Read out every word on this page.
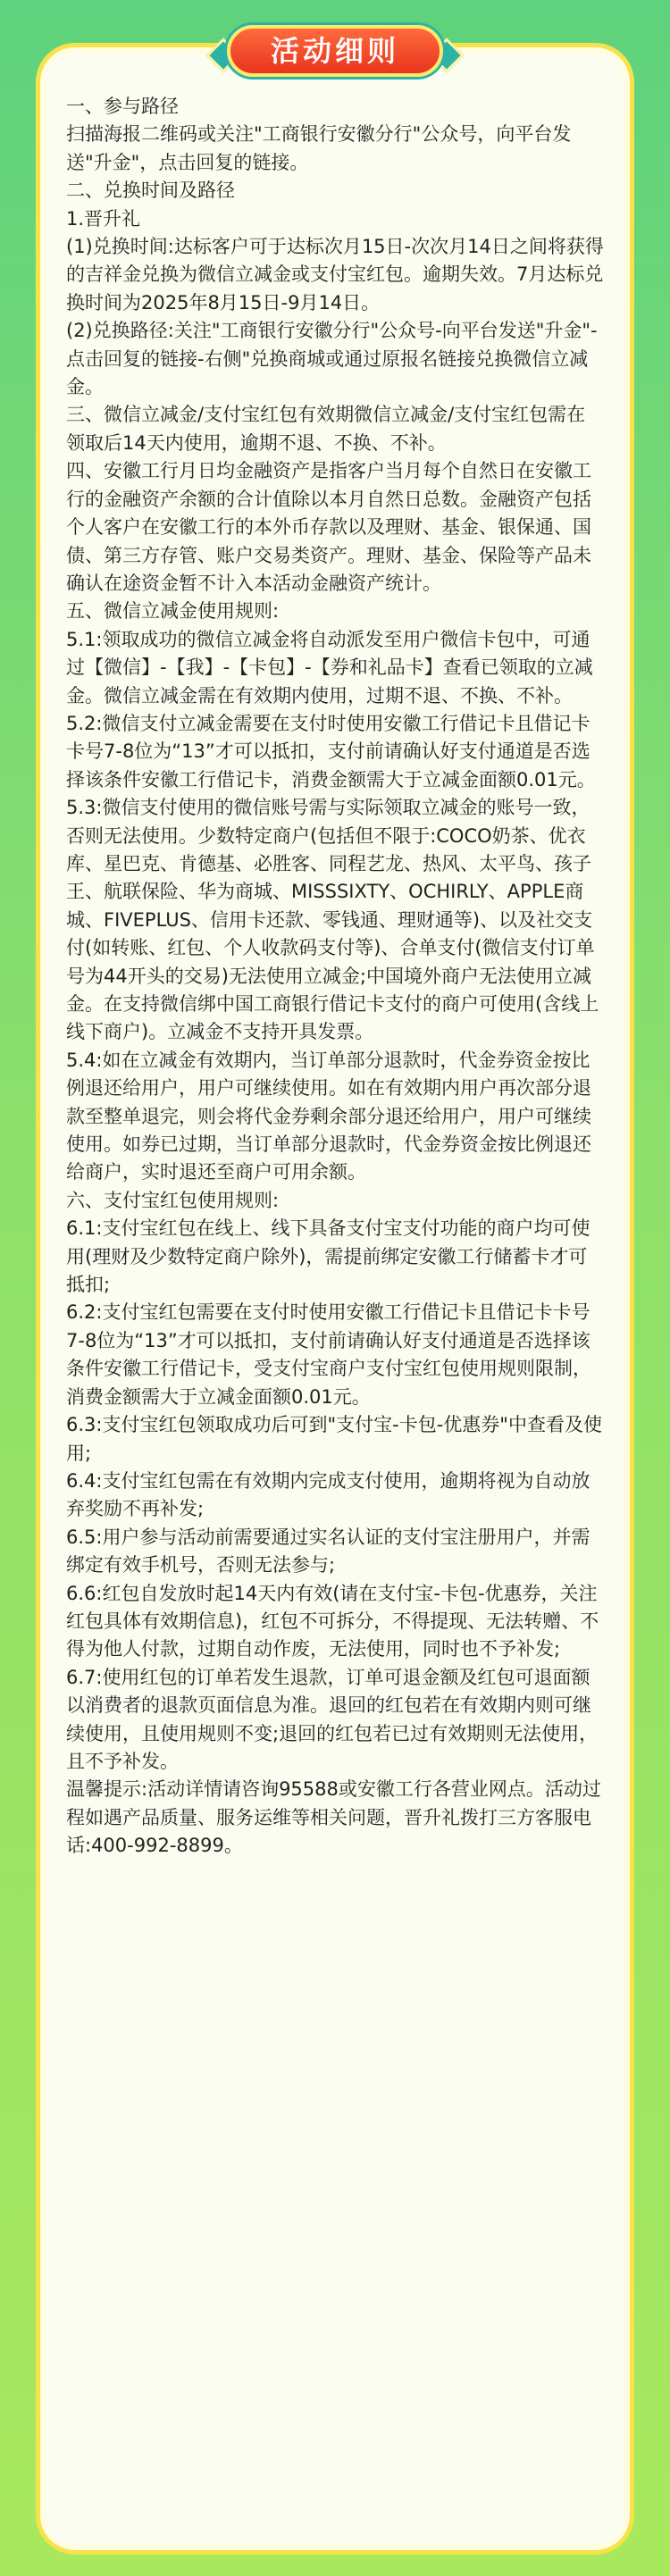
活动细则

一、参与路径

扫描海报二维码或关注"工商银行安徽分行"公众号，向平台发送"升金"，点击回复的链接。

二、兑换时间及路径

1.晋升礼

(1)兑换时间:达标客户可于达标次月15日-次次月14日之间将获得的吉祥金兑换为微信立减金或支付宝红包。逾期失效。7月达标兑换时间为2025年8月15日-9月14日。

(2)兑换路径:关注"工商银行安徽分行"公众号-向平台发送"升金"- 点击回复的链接-右侧"兑换商城或通过原报名链接兑换微信立减金。

三、微信立减金/支付宝红包有效期微信立减金/支付宝红包需在领取后14天内使用，逾期不退、不换、不补。

四、安徽工行月日均金融资产是指客户当月每个自然日在安徽工行的金融资产余额的合计值除以本月自然日总数。金融资产包括个人客户在安徽工行的本外币存款以及理财、基金、银保通、国债、第三方存管、账户交易类资产。理财、基金、保险等产品未确认在途资金暂不计入本活动金融资产统计。

五、微信立减金使用规则:

5.1:领取成功的微信立减金将自动派发至用户微信卡包中，可通过【微信】-【我】-【卡包】-【券和礼品卡】查看已领取的立减金。微信立减金需在有效期内使用，过期不退、不换、不补。

5.2:微信支付立减金需要在支付时使用安徽工行借记卡且借记卡卡号7-8位为“13”才可以抵扣，支付前请确认好支付通道是否选择该条件安徽工行借记卡，消费金额需大于立减金面额0.01元。

5.3:微信支付使用的微信账号需与实际领取立减金的账号一致，否则无法使用。少数特定商户(包括但不限于:COCO奶茶、优衣库、星巴克、肯德基、必胜客、同程艺龙、热风、太平鸟、孩子王、航联保险、华为商城、MISSSIXTY、OCHIRLY、APPLE商城、FIVEPLUS、信用卡还款、零钱通、理财通等)、以及社交支付(如转账、红包、个人收款码支付等)、合单支付(微信支付订单号为44开头的交易)无法使用立减金;中国境外商户无法使用立减金。在支持微信绑中国工商银行借记卡支付的商户可使用(含线上线下商户)。立减金不支持开具发票。

5.4:如在立减金有效期内，当订单部分退款时，代金券资金按比例退还给用户，用户可继续使用。如在有效期内用户再次部分退款至整单退完，则会将代金券剩余部分退还给用户，用户可继续使用。如券已过期，当订单部分退款时，代金券资金按比例退还给商户，实时退还至商户可用余额。

六、支付宝红包使用规则:

6.1:支付宝红包在线上、线下具备支付宝支付功能的商户均可使用(理财及少数特定商户除外)，需提前绑定安徽工行储蓄卡才可抵扣;

6.2:支付宝红包需要在支付时使用安徽工行借记卡且借记卡卡号7-8位为“13”才可以抵扣，支付前请确认好支付通道是否选择该条件安徽工行借记卡，受支付宝商户支付宝红包使用规则限制，消费金额需大于立减金面额0.01元。

6.3:支付宝红包领取成功后可到"支付宝-卡包-优惠券"中查看及使用;

6.4:支付宝红包需在有效期内完成支付使用，逾期将视为自动放弃奖励不再补发;

6.5:用户参与活动前需要通过实名认证的支付宝注册用户，并需绑定有效手机号，否则无法参与;

6.6:红包自发放时起14天内有效(请在支付宝-卡包-优惠券，关注红包具体有效期信息)，红包不可拆分，不得提现、无法转赠、不得为他人付款，过期自动作废，无法使用，同时也不予补发;

6.7:使用红包的订单若发生退款，订单可退金额及红包可退面额以消费者的退款页面信息为准。退回的红包若在有效期内则可继续使用，且使用规则不变;退回的红包若已过有效期则无法使用，且不予补发。

温馨提示:活动详情请咨询95588或安徽工行各营业网点。活动过程如遇产品质量、服务运维等相关问题，晋升礼拨打三方客服电话:400-992-8899。
